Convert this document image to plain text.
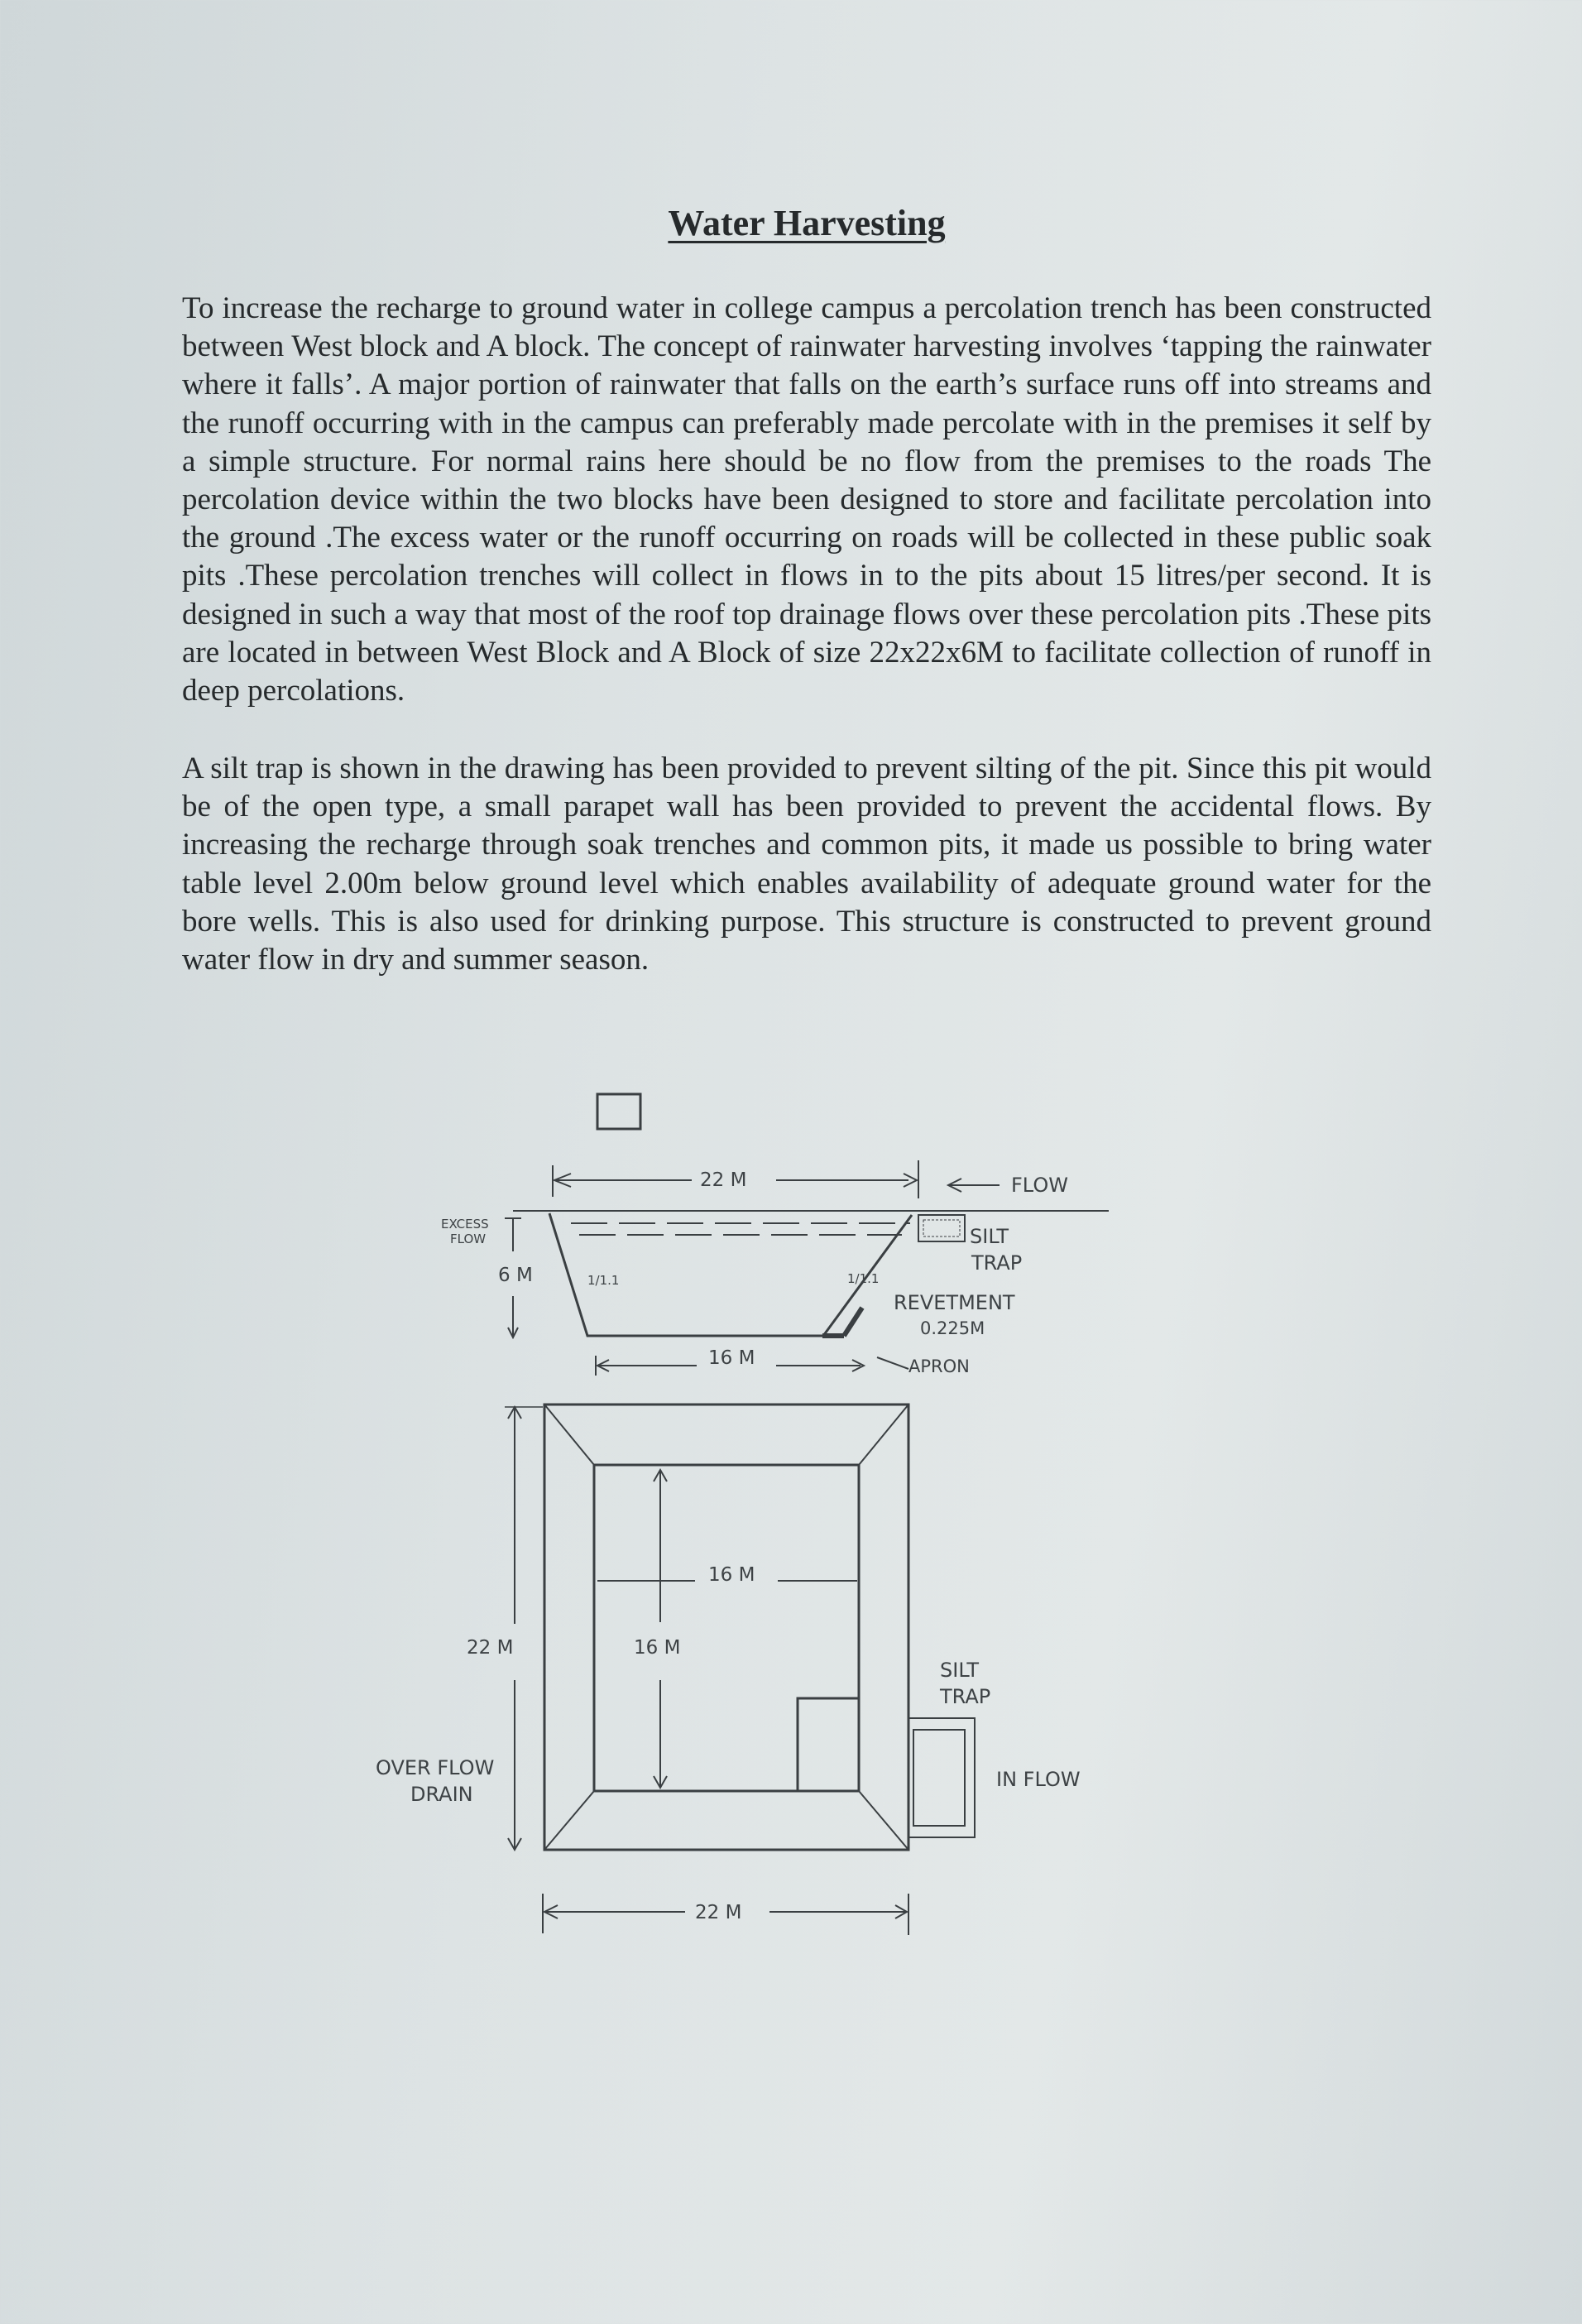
Water Harvesting

To increase the recharge to ground water in college campus a percolation trench has been constructed between West block and A block. The concept of rainwater harvesting involves ‘tapping the rainwater where it falls’. A major portion of rainwater that falls on the earth’s surface runs off into streams and the runoff occurring with in the campus can preferably made percolate with in the premises it self by a simple structure. For normal rains here should be no flow from the premises to the roads The percolation device within the two blocks have been designed to store and facilitate percolation into the ground .The excess water or the runoff occurring on roads will be collected in these public soak pits .These percolation trenches will collect in flows in to the pits about 15 litres/per second. It is designed in such a way that most of the roof top drainage flows over these percolation pits .These pits are located in between West Block and A Block of size 22x22x6M to facilitate collection of runoff in deep percolations.

A silt trap is shown in the drawing has been provided to prevent silting of the pit. Since this pit would be of the open type, a small parapet wall has been provided to prevent the accidental flows. By increasing the recharge through soak trenches and common pits, it made us possible to bring water table level 2.00m below ground level which enables availability of adequate ground water for the bore wells. This is also used for drinking purpose. This structure is constructed to prevent ground water flow in dry and summer season.

22 M	FLOW
EXCESS FLOW
6 M	1/1.1	1/1.1
SILT TRAP
REVETMENT
0.225M
16 M	APRON
16 M
16 M
22 M
SILT TRAP
IN FLOW
OVER FLOW DRAIN
22 M
